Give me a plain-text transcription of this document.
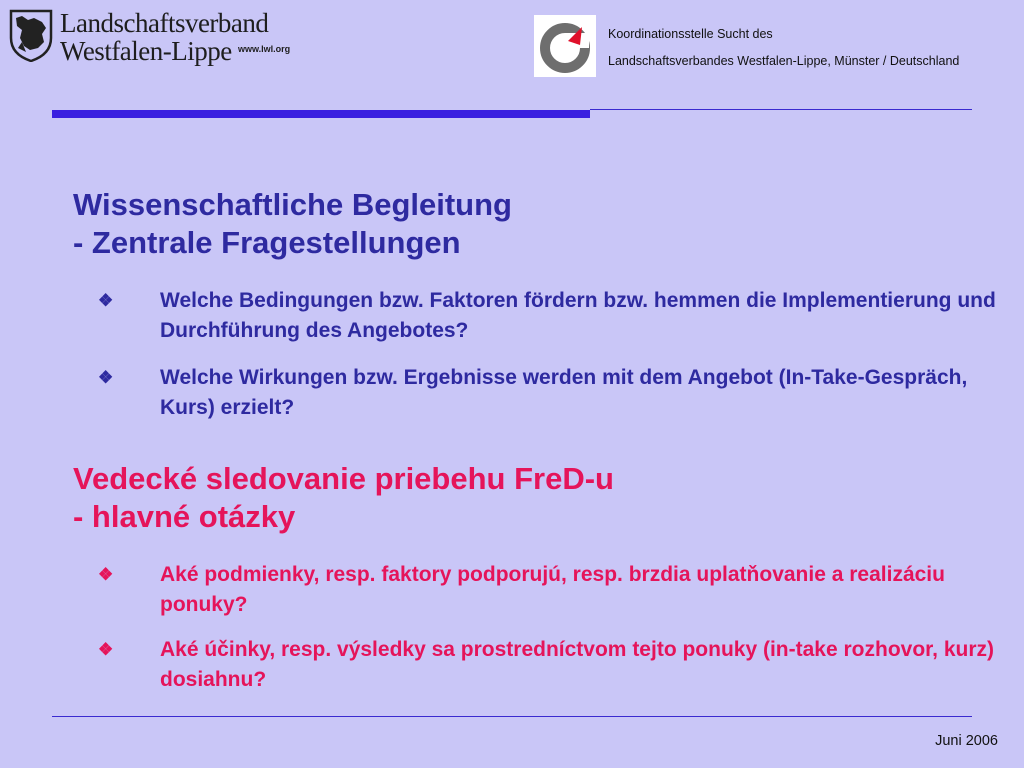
Landschaftsverband
Westfalen-Lippe www.lwl.org
Koordinationsstelle Sucht des
Landschaftsverbandes Westfalen-Lippe, Münster / Deutschland
Wissenschaftliche Begleitung
- Zentrale Fragestellungen
❖ Welche Bedingungen bzw. Faktoren fördern bzw. hemmen die Implementierung und Durchführung des Angebotes?
❖ Welche Wirkungen bzw. Ergebnisse werden mit dem Angebot (In-Take-Gespräch, Kurs) erzielt?
Vedecké sledovanie priebehu FreD-u
- hlavné otázky
❖ Aké podmienky, resp. faktory podporujú, resp. brzdia uplatňovanie a realizáciu ponuky?
❖ Aké účinky, resp. výsledky sa prostredníctvom tejto ponuky (in-take rozhovor, kurz) dosiahnu?
Juni 2006
